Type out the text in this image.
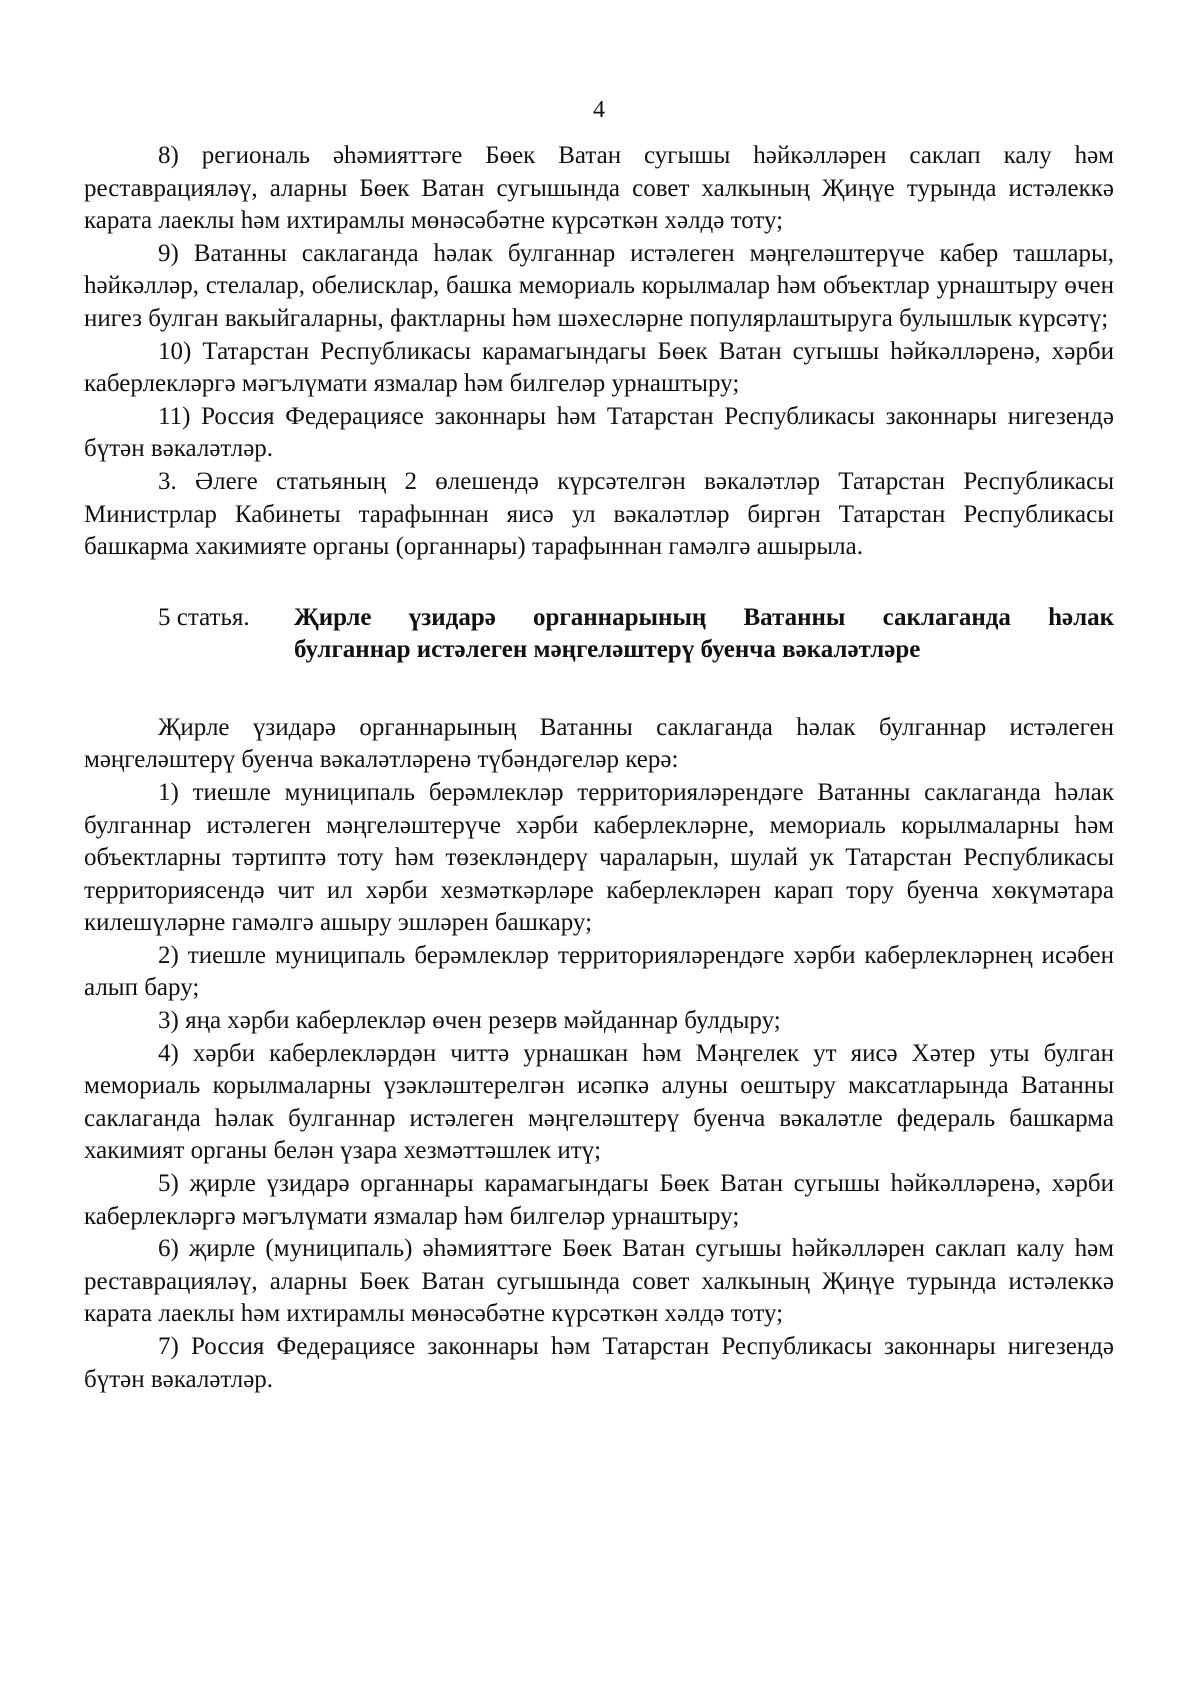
4

8) региональ әһәмияттәге Бөек Ватан сугышы һәйкәлләрен саклап калу һәм реставрацияләү, аларны Бөек Ватан сугышында совет халкының Җиңүе турында истәлеккә карата лаеклы һәм ихтирамлы мөнәсәбәтне күрсәткән хәлдә тоту;

9) Ватанны саклаганда һәлак булганнар истәлеген мәңгеләштерүче кабер ташлары, һәйкәлләр, стелалар, обелисклар, башка мемориаль корылмалар һәм объектлар урнаштыру өчен нигез булган вакыйгаларны, фактларны һәм шәхесләрне популярлаштыруга булышлык күрсәтү;

10) Татарстан Республикасы карамагындагы Бөек Ватан сугышы һәйкәлләренә, хәрби каберлекләргә мәгълүмати язмалар һәм билгеләр урнаштыру;

11) Россия Федерациясе законнары һәм Татарстан Республикасы законнары нигезендә бүтән вәкаләтләр.

3. Әлеге статьяның 2 өлешендә күрсәтелгән вәкаләтләр Татарстан Республикасы Министрлар Кабинеты тарафыннан яисә ул вәкаләтләр биргән Татарстан Республикасы башкарма хакимияте органы (органнары) тарафыннан гамәлгә ашырыла.

5 статья. Җирле үзидарә органнарының Ватанны саклаганда һәлак
булганнар истәлеген мәңгеләштерү буенча вәкаләтләре

Җирле үзидарә органнарының Ватанны саклаганда һәлак булганнар истәлеген мәңгеләштерү буенча вәкаләтләренә түбәндәгеләр керә:

1) тиешле муниципаль берәмлекләр территорияләрендәге Ватанны саклаганда һәлак булганнар истәлеген мәңгеләштерүче хәрби каберлекләрне, мемориаль корылмаларны һәм объектларны тәртиптә тоту һәм төзекләндерү чараларын, шулай ук Татарстан Республикасы территориясендә чит ил хәрби хезмәткәрләре каберлекләрен карап тору буенча хөкүмәтара килешүләрне гамәлгә ашыру эшләрен башкару;

2) тиешле муниципаль берәмлекләр территорияләрендәге хәрби каберлекләрнең исәбен алып бару;

3) яңа хәрби каберлекләр өчен резерв мәйданнар булдыру;

4) хәрби каберлекләрдән читтә урнашкан һәм Мәңгелек ут яисә Хәтер уты булган мемориаль корылмаларны үзәкләштерелгән исәпкә алуны оештыру максатларында Ватанны саклаганда һәлак булганнар истәлеген мәңгеләштерү буенча вәкаләтле федераль башкарма хакимият органы белән үзара хезмәттәшлек итү;

5) җирле үзидарә органнары карамагындагы Бөек Ватан сугышы һәйкәлләренә, хәрби каберлекләргә мәгълүмати язмалар һәм билгеләр урнаштыру;

6) җирле (муниципаль) әһәмияттәге Бөек Ватан сугышы һәйкәлләрен саклап калу һәм реставрацияләү, аларны Бөек Ватан сугышында совет халкының Җиңүе турында истәлеккә карата лаеклы һәм ихтирамлы мөнәсәбәтне күрсәткән хәлдә тоту;

7) Россия Федерациясе законнары һәм Татарстан Республикасы законнары нигезендә бүтән вәкаләтләр.
